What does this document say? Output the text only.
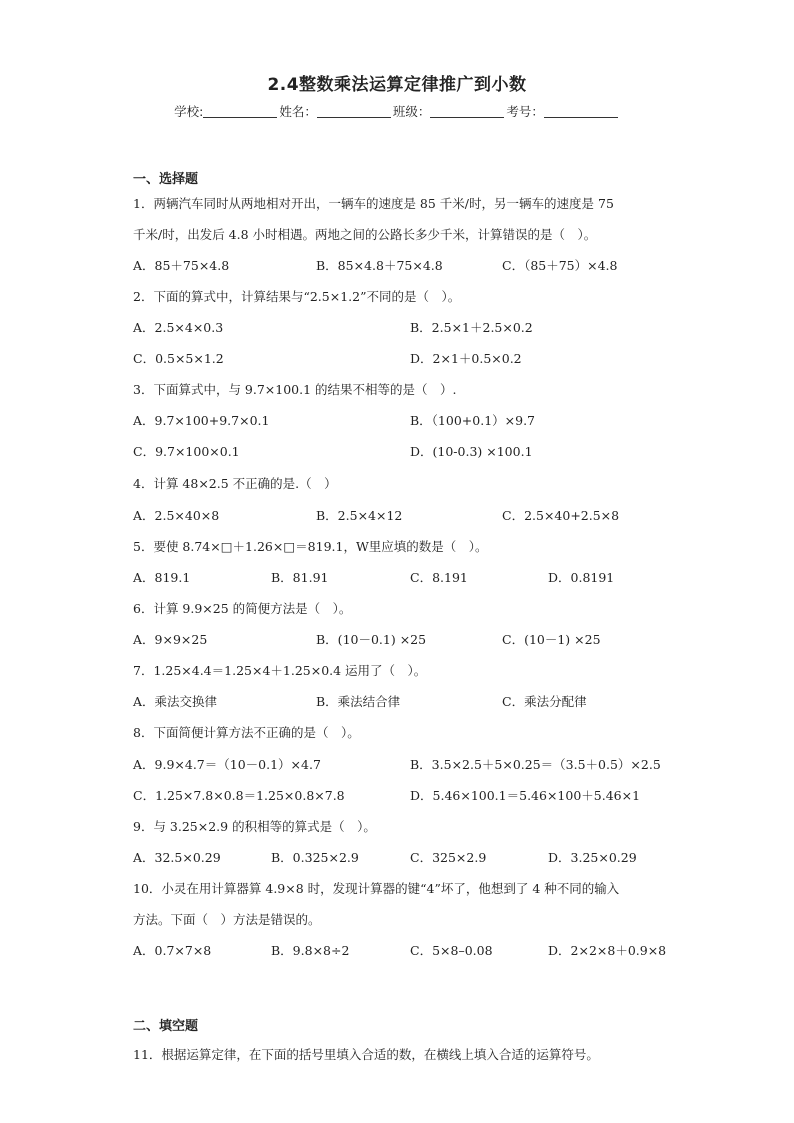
2.4整数乘法运算定律推广到小数
学校:	姓名：	班级：	考号：
一、选择题
1．两辆汽车同时从两地相对开出，一辆车的速度是 85 千米/时，另一辆车的速度是 75
千米/时，出发后 4.8 小时相遇。两地之间的公路长多少千米，计算错误的是（　）。
A．85＋75×4.8	B．85×4.8＋75×4.8	C．（85＋75）×4.8
2．下面的算式中，计算结果与“2.5×1.2”不同的是（　）。
A．2.5×4×0.3	B．2.5×1＋2.5×0.2
C．0.5×5×1.2	D．2×1＋0.5×0.2
3．下面算式中，与 9.7×100.1 的结果不相等的是（　）.
A．9.7×100+9.7×0.1	B．（100+0.1）×9.7
C．9.7×100×0.1	D．(10-0.3) ×100.1
4．计算 48×2.5 不正确的是.（　）
A．2.5×40×8	B．2.5×4×12	C．2.5×40+2.5×8
5．要使 8.74×□＋1.26×□＝819.1，W里应填的数是（　）。
A．819.1	B．81.91	C．8.191	D．0.8191
6．计算 9.9×25 的简便方法是（　）。
A．9×9×25	B．(10－0.1) ×25	C．(10－1) ×25
7．1.25×4.4＝1.25×4＋1.25×0.4 运用了（　）。
A．乘法交换律	B．乘法结合律	C．乘法分配律
8．下面简便计算方法不正确的是（　）。
A．9.9×4.7＝（10－0.1）×4.7	B．3.5×2.5＋5×0.25＝（3.5＋0.5）×2.5
C．1.25×7.8×0.8＝1.25×0.8×7.8	D．5.46×100.1＝5.46×100＋5.46×1
9．与 3.25×2.9 的积相等的算式是（　）。
A．32.5×0.29	B．0.325×2.9	C．325×2.9	D．3.25×0.29
10．小灵在用计算器算 4.9×8 时，发现计算器的键“4”坏了，他想到了 4 种不同的输入
方法。下面（　）方法是错误的。
A．0.7×7×8	B．9.8×8÷2	C．5×8–0.08	D．2×2×8＋0.9×8
二、填空题
11．根据运算定律，在下面的括号里填入合适的数，在横线上填入合适的运算符号。
